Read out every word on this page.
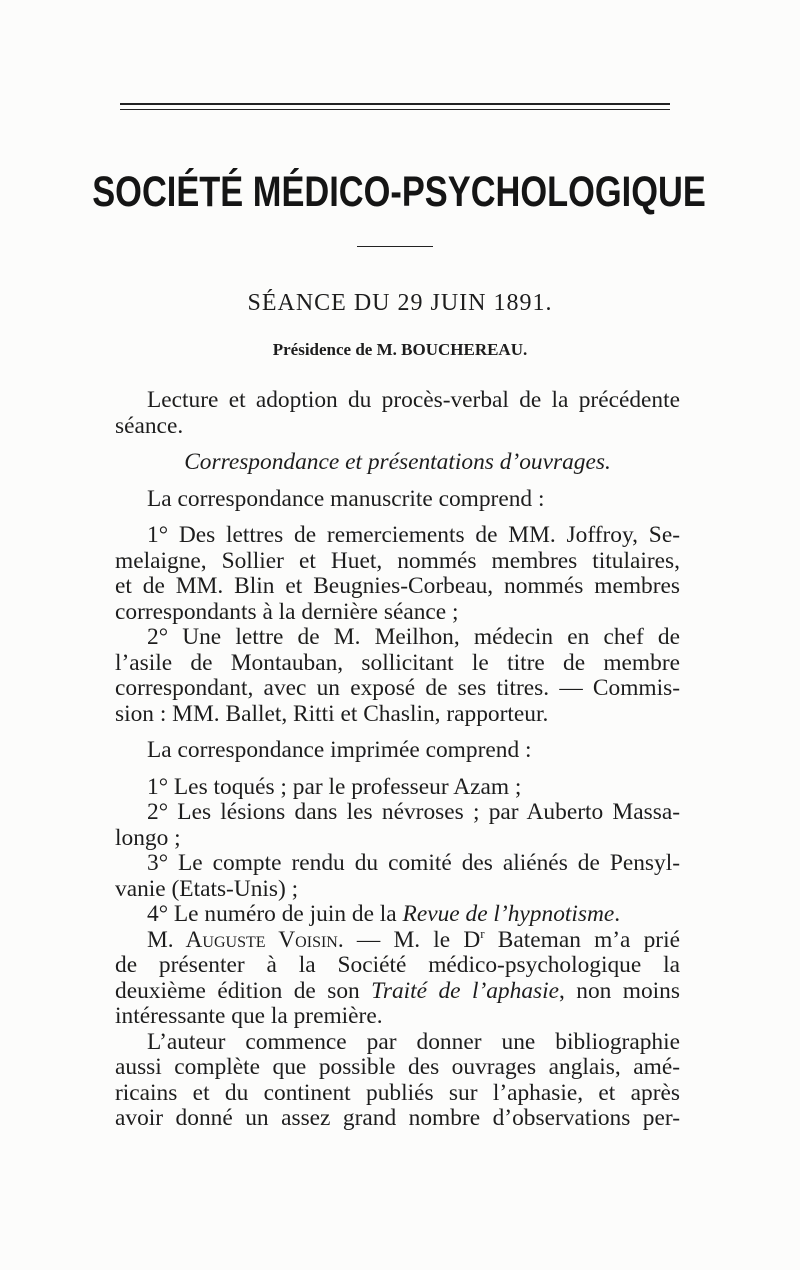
SOCIÉTÉ MÉDICO-PSYCHOLOGIQUE
SÉANCE DU 29 JUIN 1891.
Présidence de M. BOUCHEREAU.

Lecture et adoption du procès-verbal de la précédente

séance.

Correspondance et présentations d’ouvrages.

La correspondance manuscrite comprend :

1° Des lettres de remerciements de MM. Joffroy, Se-

melaigne, Sollier et Huet, nommés membres titulaires,
et de MM. Blin et Beugnies-Corbeau, nommés membres
correspondants à la dernière séance ;

2° Une lettre de M. Meilhon, médecin en chef de

l’asile de Montauban, sollicitant le titre de membre
correspondant, avec un exposé de ses titres. — Commis-
sion : MM. Ballet, Ritti et Chaslin, rapporteur.

La correspondance imprimée comprend :

1° Les toqués ; par le professeur Azam ;

2° Les lésions dans les névroses ; par Auberto Massa-

longo ;

3° Le compte rendu du comité des aliénés de Pensyl-

vanie (Etats-Unis) ;

4° Le numéro de juin de la Revue de l’hypnotisme.

M. Auguste Voisin. — M. le $D^r$ Bateman m’a prié

de présenter à la Société médico-psychologique la
deuxième édition de son Traité de l’aphasie, non moins
intéressante que la première.

L’auteur commence par donner une bibliographie

aussi complète que possible des ouvrages anglais, amé-
ricains et du continent publiés sur l’aphasie, et après
avoir donné un assez grand nombre d’observations per-
